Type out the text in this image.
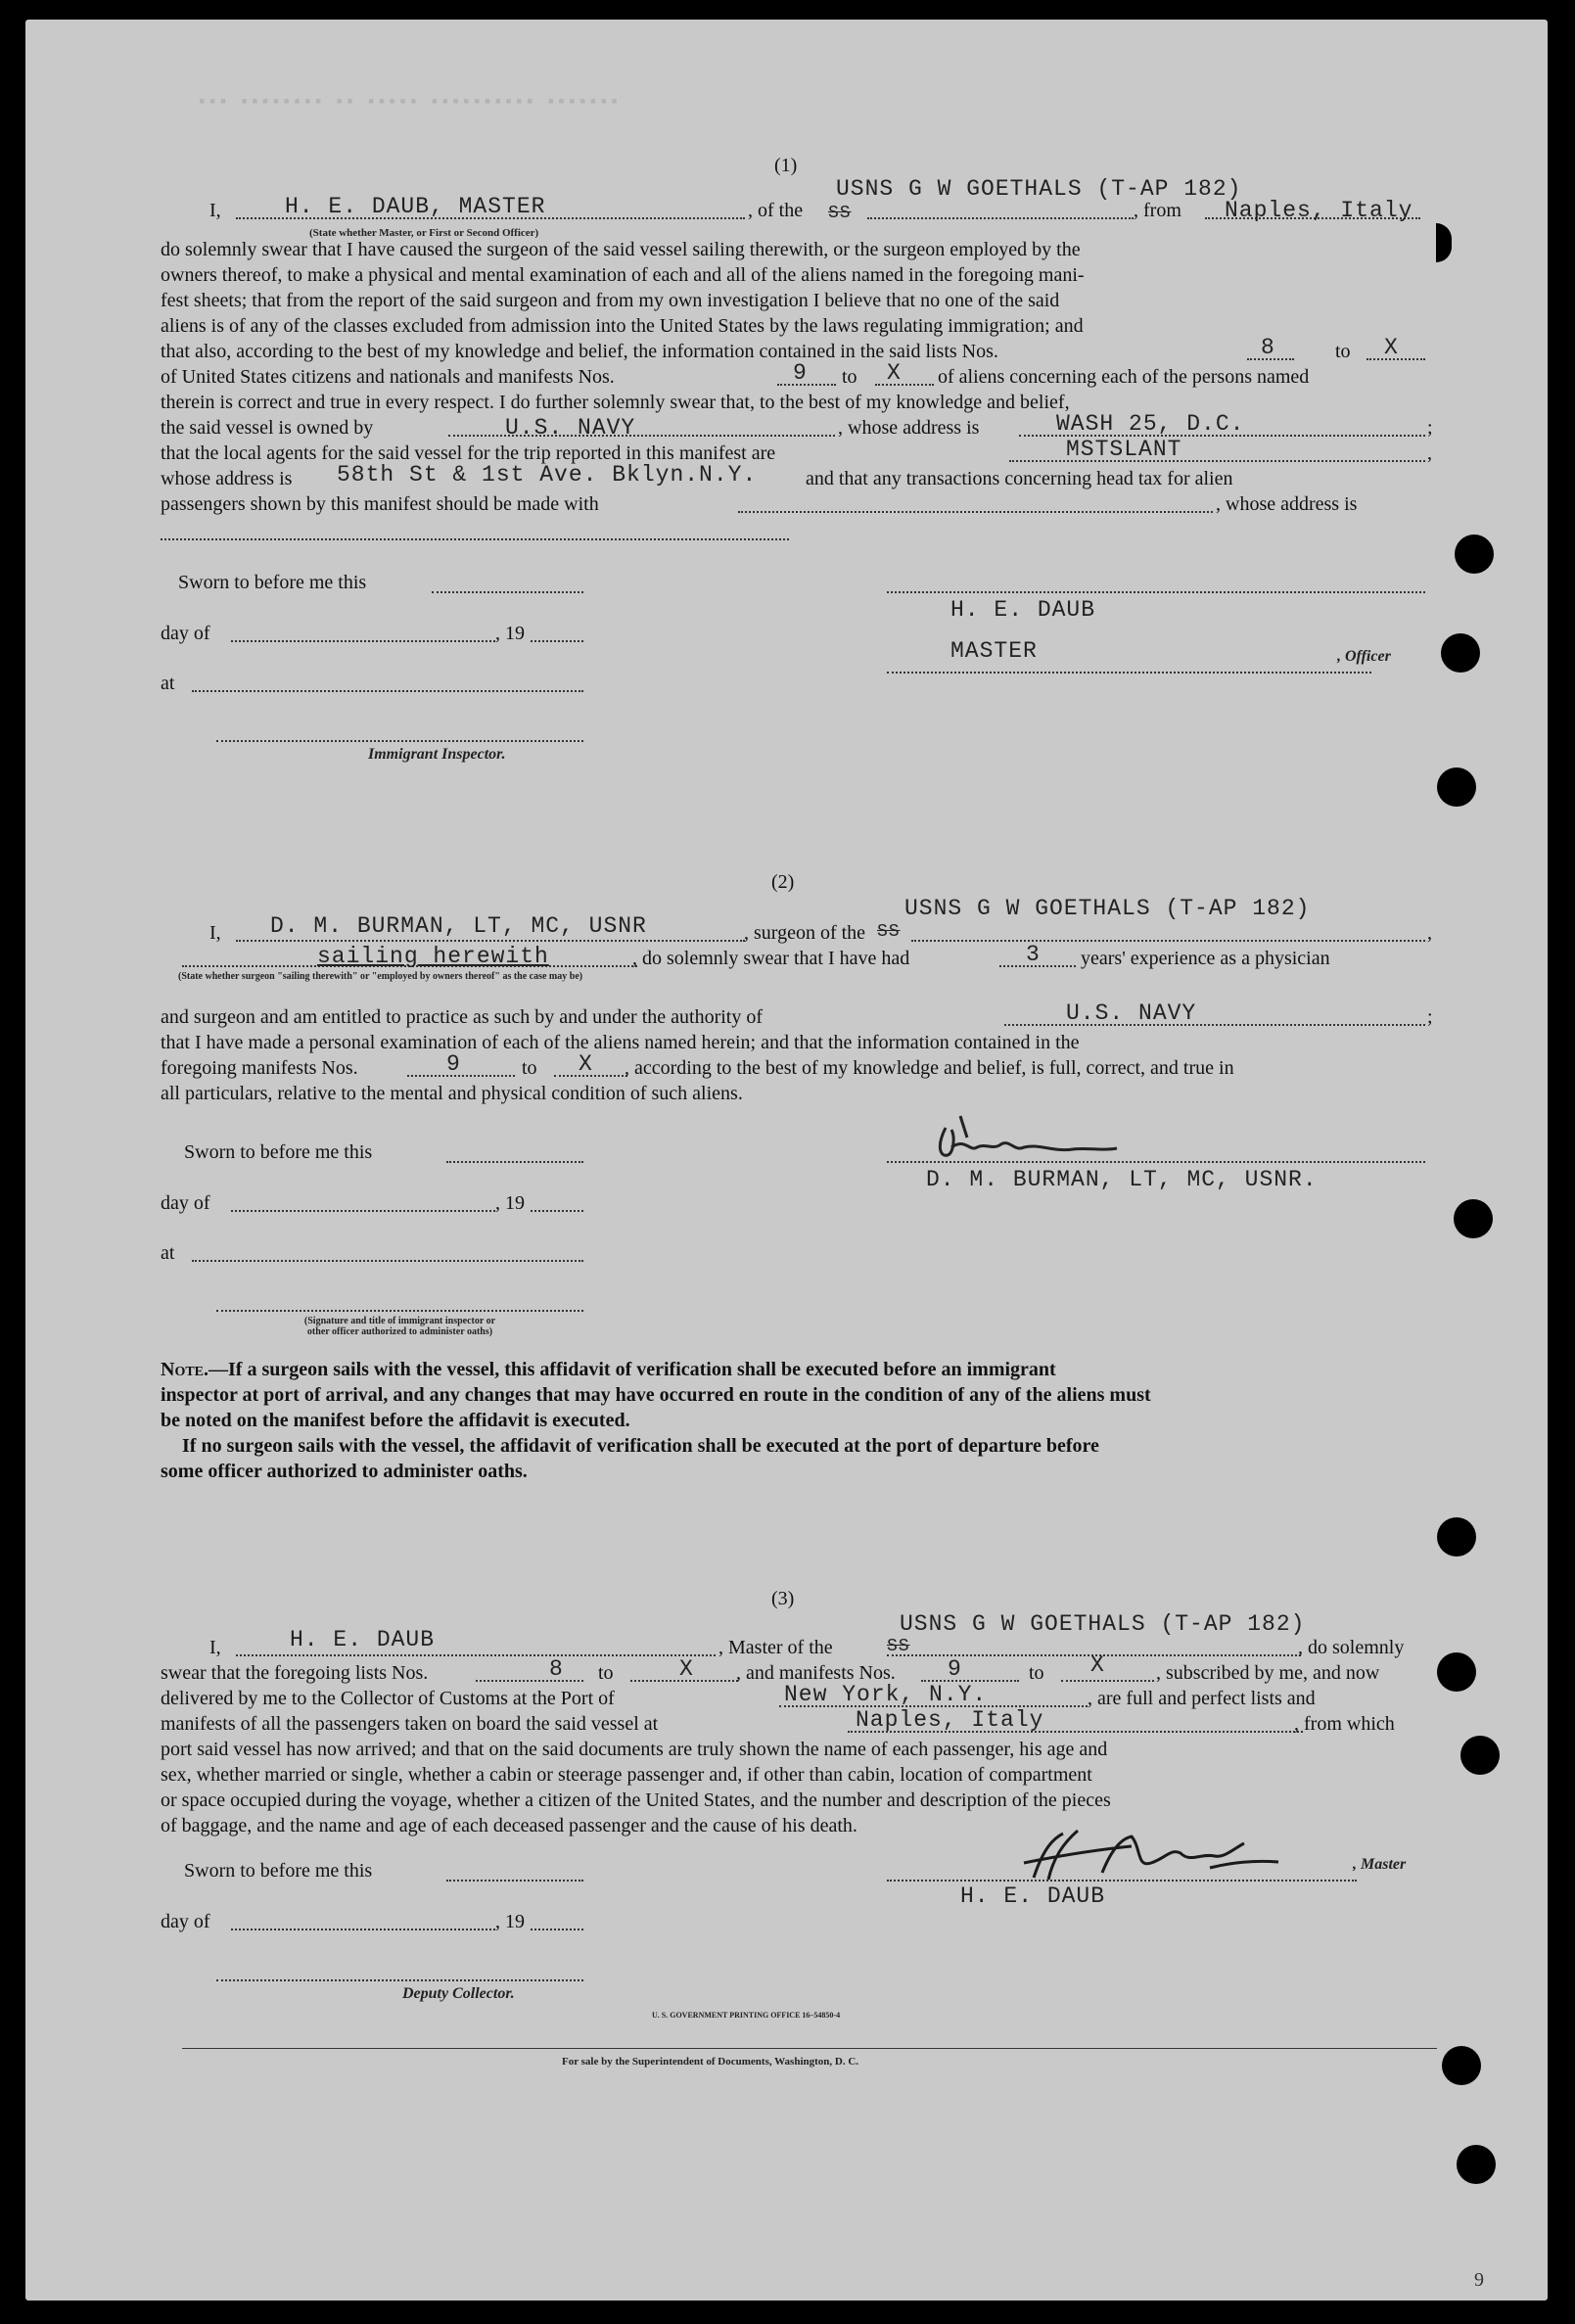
▪▪▪ ▪▪▪▪▪▪▪▪ ▪▪ ▪▪▪▪▪ ▪▪▪▪▪▪▪▪▪▪ ▪▪▪▪▪▪▪
(1)
I,	H. E. DAUB, MASTER
(State whether Master, or First or Second Officer)
, of the SS
USNS G W GOETHALS (T-AP 182)
, from Naples, Italy
do solemnly swear that I have caused the surgeon of the said vessel sailing therewith, or the surgeon employed by the
owners thereof, to make a physical and mental examination of each and all of the aliens named in the foregoing mani-
fest sheets; that from the report of the said surgeon and from my own investigation I believe that no one of the said
aliens is of any of the classes excluded from admission into the United States by the laws regulating immigration; and
that also, according to the best of my knowledge and belief, the information contained in the said lists Nos.	8	to X
of United States citizens and nationals and manifests Nos.	9 to X of aliens concerning each of the persons named
therein is correct and true in every respect. I do further solemnly swear that, to the best of my knowledge and belief,
the said vessel is owned by	U.S. NAVY	, whose address is	WASH 25, D.C.	;
that the local agents for the said vessel for the trip reported in this manifest are	MSTSLANT	,
whose address is 58th St & 1st Ave. Bklyn.N.Y. and that any transactions concerning head tax for alien
passengers shown by this manifest should be made with	, whose address is
Sworn to before me this
day of	, 19
at
Immigrant Inspector.
H. E. DAUB
MASTER	, Officer
(2)
I, D. M. BURMAN, LT, MC, USNR	, surgeon of the SS
USNS G W GOETHALS (T-AP 182)
,
sailing herewith	, do solemnly swear that I have had	3 years' experience as a physician
(State whether surgeon "sailing therewith" or "employed by owners thereof" as the case may be)
and surgeon and am entitled to practice as such by and under the authority of	U.S. NAVY	;
that I have made a personal examination of each of the aliens named herein; and that the information contained in the
foregoing manifests Nos.	9	to X , according to the best of my knowledge and belief, is full, correct, and true in
all particulars, relative to the mental and physical condition of such aliens.
Sworn to before me this
day of	, 19
at
(Signature and title of immigrant inspector or
other officer authorized to administer oaths)
D. M. BURMAN, LT, MC, USNR.
Note.—If a surgeon sails with the vessel, this affidavit of verification shall be executed before an immigrant
inspector at port of arrival, and any changes that may have occurred en route in the condition of any of the aliens must
be noted on the manifest before the affidavit is executed.
If no surgeon sails with the vessel, the affidavit of verification shall be executed at the port of departure before
some officer authorized to administer oaths.
(3)
I,	H. E. DAUB	, Master of the	SS
USNS G W GOETHALS (T-AP 182)
, do solemnly
swear that the foregoing lists Nos.	8 to	X , and manifests Nos. 9	to X	, subscribed by me, and now
delivered by me to the Collector of Customs at the Port of	New York, N.Y.	, are full and perfect lists and
manifests of all the passengers taken on board the said vessel at	Naples, Italy	, from which
port said vessel has now arrived; and that on the said documents are truly shown the name of each passenger, his age and
sex, whether married or single, whether a cabin or steerage passenger and, if other than cabin, location of compartment
or space occupied during the voyage, whether a citizen of the United States, and the number and description of the pieces
of baggage, and the name and age of each deceased passenger and the cause of his death.
Sworn to before me this
day of	, 19
Deputy Collector.
, Master
H. E. DAUB
U. S. GOVERNMENT PRINTING OFFICE 16–54850-4
For sale by the Superintendent of Documents, Washington, D. C.
9
